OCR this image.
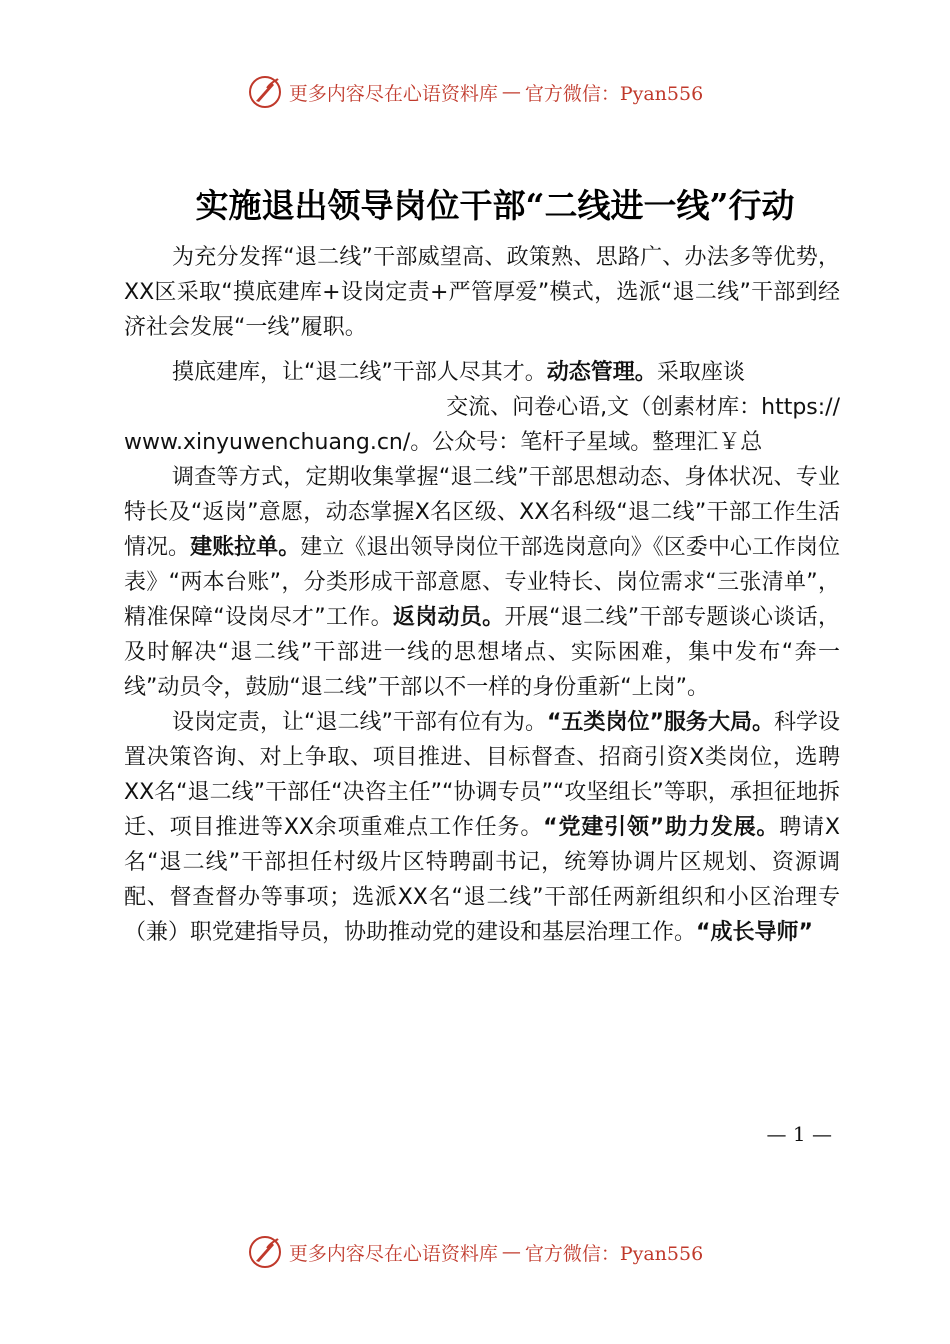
更多内容尽在心语资料库 — 官方微信：Pyan556
实施退出领导岗位干部“二线进一线”行动

为充分发挥“退二线”干部威望高、政策熟、思路广、办法多等优势，XX区采取“摸底建库+设岗定责+严管厚爱”模式，选派“退二线”干部到经济社会发展“一线”履职。

摸底建库，让“退二线”干部人尽其才。动态管理。采取座谈

交流、问卷心语,文（创素材库：https://

www.xinyuwenchuang.cn/。公众号：笔杆子星域。整理汇￥总

调查等方式，定期收集掌握“退二线”干部思想动态、身体状况、专业特长及“返岗”意愿，动态掌握X名区级、XX名科级“退二线”干部工作生活情况。建账拉单。建立《退出领导岗位干部选岗意向》《区委中心工作岗位表》“两本台账”，分类形成干部意愿、专业特长、岗位需求“三张清单”，精准保障“设岗尽才”工作。返岗动员。开展“退二线”干部专题谈心谈话，及时解决“退二线”干部进一线的思想堵点、实际困难，集中发布“奔一线”动员令，鼓励“退二线”干部以不一样的身份重新“上岗”。

设岗定责，让“退二线”干部有位有为。“五类岗位”服务大局。科学设置决策咨询、对上争取、项目推进、目标督查、招商引资X类岗位，选聘XX名“退二线”干部任“决咨主任”“协调专员”“攻坚组长”等职，承担征地拆迁、项目推进等XX余项重难点工作任务。“党建引领”助力发展。聘请X名“退二线”干部担任村级片区特聘副书记，统筹协调片区规划、资源调配、督查督办等事项；选派XX名“退二线”干部任两新组织和小区治理专（兼）职党建指导员，协助推动党的建设和基层治理工作。“成长导师”

— 1 —
更多内容尽在心语资料库 — 官方微信：Pyan556
